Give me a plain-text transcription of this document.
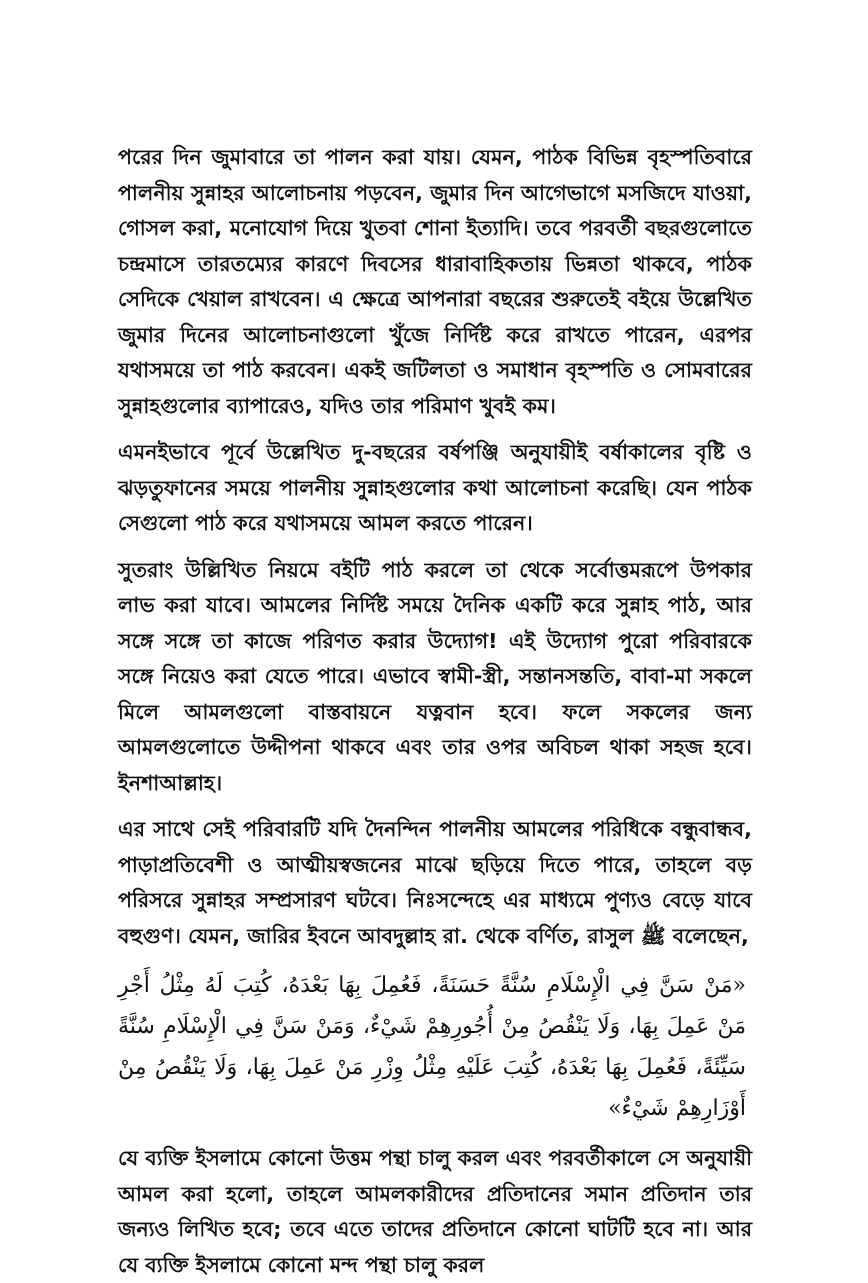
পরের দিন জুমাবারে তা পালন করা যায়। যেমন, পাঠক বিভিন্ন বৃহস্পতিবারে পালনীয় সুন্নাহর আলোচনায় পড়বেন, জুমার দিন আগেভাগে মসজিদে যাওয়া, গোসল করা, মনোযোগ দিয়ে খুতবা শোনা ইত্যাদি। তবে পরবর্তী বছরগুলোতে চন্দ্রমাসে তারতম্যের কারণে দিবসের ধারাবাহিকতায় ভিন্নতা থাকবে, পাঠক সেদিকে খেয়াল রাখবেন। এ ক্ষেত্রে আপনারা বছরের শুরুতেই বইয়ে উল্লেখিত জুমার দিনের আলোচনাগুলো খুঁজে নির্দিষ্ট করে রাখতে পারেন, এরপর যথাসময়ে তা পাঠ করবেন। একই জটিলতা ও সমাধান বৃহস্পতি ও সোমবারের সুন্নাহগুলোর ব্যাপারেও, যদিও তার পরিমাণ খুবই কম।

এমনইভাবে পূর্বে উল্লেখিত দু-বছরের বর্ষপঞ্জি অনুযায়ীই বর্ষাকালের বৃষ্টি ও ঝড়তুফানের সময়ে পালনীয় সুন্নাহগুলোর কথা আলোচনা করেছি। যেন পাঠক সেগুলো পাঠ করে যথাসময়ে আমল করতে পারেন।

সুতরাং উল্লিখিত নিয়মে বইটি পাঠ করলে তা থেকে সর্বোত্তমরূপে উপকার লাভ করা যাবে। আমলের নির্দিষ্ট সময়ে দৈনিক একটি করে সুন্নাহ পাঠ, আর সঙ্গে সঙ্গে তা কাজে পরিণত করার উদ্যোগ! এই উদ্যোগ পুরো পরিবারকে সঙ্গে নিয়েও করা যেতে পারে। এভাবে স্বামী-স্ত্রী, সন্তানসন্ততি, বাবা-মা সকলে মিলে আমলগুলো বাস্তবায়নে যত্নবান হবে। ফলে সকলের জন্য আমলগুলোতে উদ্দীপনা থাকবে এবং তার ওপর অবিচল থাকা সহজ হবে। ইনশাআল্লাহ।

এর সাথে সেই পরিবারটি যদি দৈনন্দিন পালনীয় আমলের পরিধিকে বন্ধুবান্ধব, পাড়াপ্রতিবেশী ও আত্মীয়স্বজনের মাঝে ছড়িয়ে দিতে পারে, তাহলে বড় পরিসরে সুন্নাহর সম্প্রসারণ ঘটবে। নিঃসন্দেহে এর মাধ্যমে পুণ্যও বেড়ে যাবে বহুগুণ। যেমন, জারির ইবনে আবদুল্লাহ রা. থেকে বর্ণিত, রাসুল ﷺ বলেছেন,

«مَنْ سَنَّ فِي الْإِسْلَامِ سُنَّةً حَسَنَةً، فَعُمِلَ بِهَا بَعْدَهُ، كُتِبَ لَهُ مِثْلُ أَجْرِ مَنْ عَمِلَ بِهَا، وَلَا يَنْقُصُ مِنْ أُجُورِهِمْ شَيْءٌ، وَمَنْ سَنَّ فِي الْإِسْلَامِ سُنَّةً سَيِّئَةً، فَعُمِلَ بِهَا بَعْدَهُ، كُتِبَ عَلَيْهِ مِثْلُ وِزْرِ مَنْ عَمِلَ بِهَا، وَلَا يَنْقُصُ مِنْ أَوْزَارِهِمْ شَيْءٌ»

যে ব্যক্তি ইসলামে কোনো উত্তম পন্থা চালু করল এবং পরবর্তীকালে সে অনুযায়ী আমল করা হলো, তাহলে আমলকারীদের প্রতিদানের সমান প্রতিদান তার জন্যও লিখিত হবে; তবে এতে তাদের প্রতিদানে কোনো ঘাটটি হবে না। আর যে ব্যক্তি ইসলামে কোনো মন্দ পন্থা চালু করল
